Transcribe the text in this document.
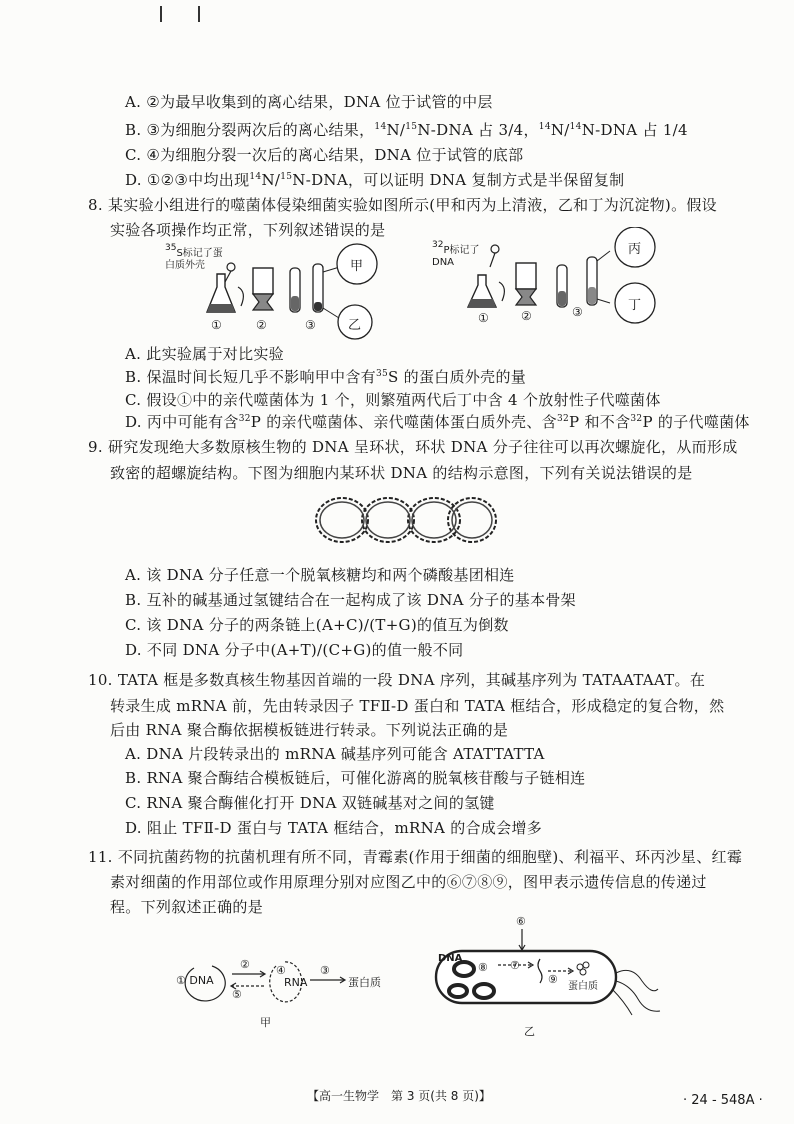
A. ②为最早收集到的离心结果，DNA 位于试管的中层
B. ③为细胞分裂两次后的离心结果，$^{14}$N/$^{15}$N-DNA 占 3/4，$^{14}$N/$^{14}$N-DNA 占 1/4
C. ④为细胞分裂一次后的离心结果，DNA 位于试管的底部
D. ①②③中均出现$^{14}$N/$^{15}$N-DNA，可以证明 DNA 复制方式是半保留复制
8. 某实验小组进行的噬菌体侵染细菌实验如图所示(甲和丙为上清液，乙和丁为沉淀物)。假设
实验各项操作均正常，下列叙述错误的是
$^{35}$S标记了蛋
白质外壳	甲
乙
①	②	③
$^{32}$P标记了
DNA
丙
丁
①	②	③
A. 此实验属于对比实验
B. 保温时间长短几乎不影响甲中含有$^{35}$S 的蛋白质外壳的量
C. 假设①中的亲代噬菌体为 1 个，则繁殖两代后丁中含 4 个放射性子代噬菌体
D. 丙中可能有含$^{32}$P 的亲代噬菌体、亲代噬菌体蛋白质外壳、含$^{32}$P 和不含$^{32}$P 的子代噬菌体
9. 研究发现绝大多数原核生物的 DNA 呈环状，环状 DNA 分子往往可以再次螺旋化，从而形成
致密的超螺旋结构。下图为细胞内某环状 DNA 的结构示意图，下列有关说法错误的是
A. 该 DNA 分子任意一个脱氧核糖均和两个磷酸基团相连
B. 互补的碱基通过氢键结合在一起构成了该 DNA 分子的基本骨架
C. 该 DNA 分子的两条链上(A+C)/(T+G)的值互为倒数
D. 不同 DNA 分子中(A+T)/(C+G)的值一般不同
10. TATA 框是多数真核生物基因首端的一段 DNA 序列，其碱基序列为 TATAATAAT。在
转录生成 mRNA 前，先由转录因子 TFⅡ-D 蛋白和 TATA 框结合，形成稳定的复合物，然
后由 RNA 聚合酶依据模板链进行转录。下列说法正确的是
A. DNA 片段转录出的 mRNA 碱基序列可能含 ATATTATTA
B. RNA 聚合酶结合模板链后，可催化游离的脱氧核苷酸与子链相连
C. RNA 聚合酶催化打开 DNA 双链碱基对之间的氢键
D. 阻止 TFⅡ-D 蛋白与 TATA 框结合，mRNA 的合成会增多
11. 不同抗菌药物的抗菌机理有所不同，青霉素(作用于细菌的细胞壁)、利福平、环丙沙星、红霉
素对细菌的作用部位或作用原理分别对应图乙中的⑥⑦⑧⑨，图甲表示遗传信息的传递过
程。下列叙述正确的是
① DNA
②
⑤
④
RNA
③
蛋白质
甲
⑥
DNA
⑧ ⑦
⑨
蛋白质
乙
【高一生物学　第 3 页(共 8 页)】	· 24 - 548A ·
